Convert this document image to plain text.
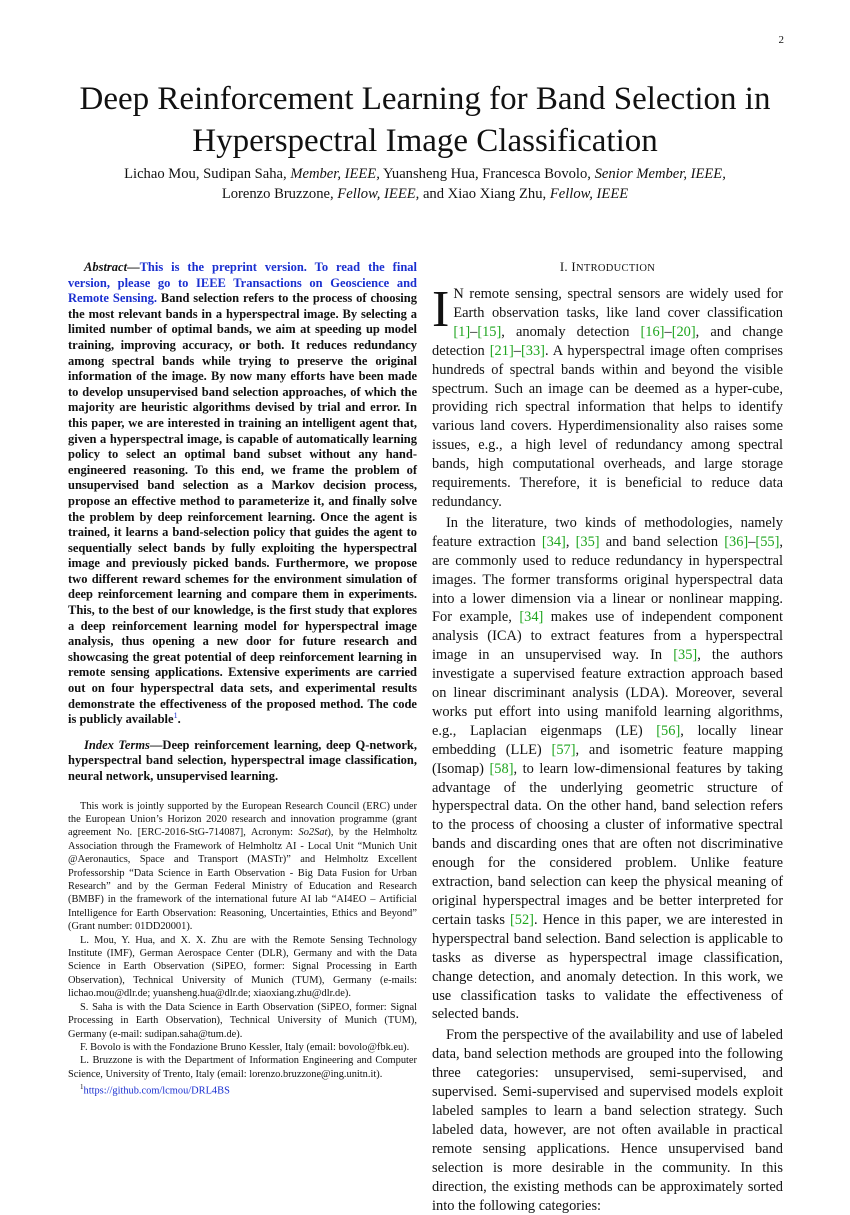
2
Deep Reinforcement Learning for Band Selection in Hyperspectral Image Classification
Lichao Mou, Sudipan Saha, Member, IEEE, Yuansheng Hua, Francesca Bovolo, Senior Member, IEEE,
Lorenzo Bruzzone, Fellow, IEEE, and Xiao Xiang Zhu, Fellow, IEEE

Abstract—This is the preprint version. To read the final version, please go to IEEE Transactions on Geoscience and Remote Sensing. Band selection refers to the process of choosing the most relevant bands in a hyperspectral image. By selecting a limited number of optimal bands, we aim at speeding up model training, improving accuracy, or both. It reduces redundancy among spectral bands while trying to preserve the original information of the image. By now many efforts have been made to develop unsupervised band selection approaches, of which the majority are heuristic algorithms devised by trial and error. In this paper, we are interested in training an intelligent agent that, given a hyperspectral image, is capable of automatically learning policy to select an optimal band subset without any hand-engineered reasoning. To this end, we frame the problem of unsupervised band selection as a Markov decision process, propose an effective method to parameterize it, and finally solve the problem by deep reinforcement learning. Once the agent is trained, it learns a band-selection policy that guides the agent to sequentially select bands by fully exploiting the hyperspectral image and previously picked bands. Furthermore, we propose two different reward schemes for the environment simulation of deep reinforcement learning and compare them in experiments. This, to the best of our knowledge, is the first study that explores a deep reinforcement learning model for hyperspectral image analysis, thus opening a new door for future research and showcasing the great potential of deep reinforcement learning in remote sensing applications. Extensive experiments are carried out on four hyperspectral data sets, and experimental results demonstrate the effectiveness of the proposed method. The code is publicly available$^1$.

Index Terms—Deep reinforcement learning, deep Q-network, hyperspectral band selection, hyperspectral image classification, neural network, unsupervised learning.

This work is jointly supported by the European Research Council (ERC) under the European Union’s Horizon 2020 research and innovation programme (grant agreement No. [ERC-2016-StG-714087], Acronym: So2Sat), by the Helmholtz Association through the Framework of Helmholtz AI - Local Unit “Munich Unit @Aeronautics, Space and Transport (MASTr)” and Helmholtz Excellent Professorship “Data Science in Earth Observation - Big Data Fusion for Urban Research” and by the German Federal Ministry of Education and Research (BMBF) in the framework of the international future AI lab “AI4EO – Artificial Intelligence for Earth Observation: Reasoning, Uncertainties, Ethics and Beyond” (Grant number: 01DD20001).

L. Mou, Y. Hua, and X. X. Zhu are with the Remote Sensing Technology Institute (IMF), German Aerospace Center (DLR), Germany and with the Data Science in Earth Observation (SiPEO, former: Signal Processing in Earth Observation), Technical University of Munich (TUM), Germany (e-mails: lichao.mou@dlr.de; yuansheng.hua@dlr.de; xiaoxiang.zhu@dlr.de).

S. Saha is with the Data Science in Earth Observation (SiPEO, former: Signal Processing in Earth Observation), Technical University of Munich (TUM), Germany (e-mail: sudipan.saha@tum.de).

F. Bovolo is with the Fondazione Bruno Kessler, Italy (email: bovolo@fbk.eu).

L. Bruzzone is with the Department of Information Engineering and Computer Science, University of Trento, Italy (email: lorenzo.bruzzone@ing.unitn.it).

$^1$https://github.com/lcmou/DRL4BS

I. INTRODUCTION

I N remote sensing, spectral sensors are widely used for Earth observation tasks, like land cover classification [1]–[15], anomaly detection [16]–[20], and change detection [21]–[33]. A hyperspectral image often comprises hundreds of spectral bands within and beyond the visible spectrum. Such an image can be deemed as a hyper-cube, providing rich spectral information that helps to identify various land covers. Hyperdimensionality also raises some issues, e.g., a high level of redundancy among spectral bands, high computational overheads, and large storage requirements. Therefore, it is beneficial to reduce data redundancy.

In the literature, two kinds of methodologies, namely feature extraction [34], [35] and band selection [36]–[55], are commonly used to reduce redundancy in hyperspectral images. The former transforms original hyperspectral data into a lower dimension via a linear or nonlinear mapping. For example, [34] makes use of independent component analysis (ICA) to extract features from a hyperspectral image in an unsupervised way. In [35], the authors investigate a supervised feature extraction approach based on linear discriminant analysis (LDA). Moreover, several works put effort into using manifold learning algorithms, e.g., Laplacian eigenmaps (LE) [56], locally linear embedding (LLE) [57], and isometric feature mapping (Isomap) [58], to learn low-dimensional features by taking advantage of the underlying geometric structure of hyperspectral data. On the other hand, band selection refers to the process of choosing a cluster of informative spectral bands and discarding ones that are often not discriminative enough for the considered problem. Unlike feature extraction, band selection can keep the physical meaning of original hyperspectral images and be better interpreted for certain tasks [52]. Hence in this paper, we are interested in hyperspectral band selection. Band selection is applicable to tasks as diverse as hyperspectral image classification, change detection, and anomaly detection. In this work, we use classification tasks to validate the effectiveness of selected bands.

From the perspective of the availability and use of labeled data, band selection methods are grouped into the following three categories: unsupervised, semi-supervised, and supervised. Semi-supervised and supervised models exploit labeled samples to learn a band selection strategy. Such labeled data, however, are not often available in practical remote sensing applications. Hence unsupervised band selection is more desirable in the community. In this direction, the existing methods can be approximately sorted into the following categories:
